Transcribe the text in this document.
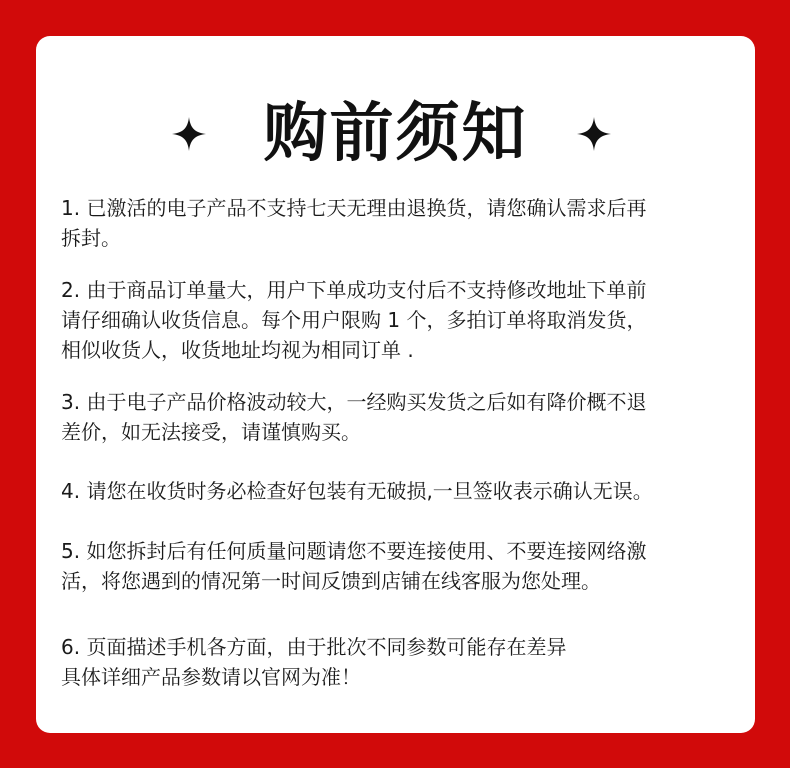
购前须知
1. 已激活的电子产品不支持七天无理由退换货，请您确认需求后再
拆封。
2. 由于商品订单量大，用户下单成功支付后不支持修改地址下单前
请仔细确认收货信息。每个用户限购 1 个，多拍订单将取消发货，
相似收货人，收货地址均视为相同订单 .
3. 由于电子产品价格波动较大，一经购买发货之后如有降价概不退
差价，如无法接受，请谨慎购买。
4. 请您在收货时务必检查好包装有无破损,一旦签收表示确认无误。
5. 如您拆封后有任何质量问题请您不要连接使用、不要连接网络激
活，将您遇到的情况第一时间反馈到店铺在线客服为您处理。
6. 页面描述手机各方面，由于批次不同参数可能存在差异
具体详细产品参数请以官网为准！
